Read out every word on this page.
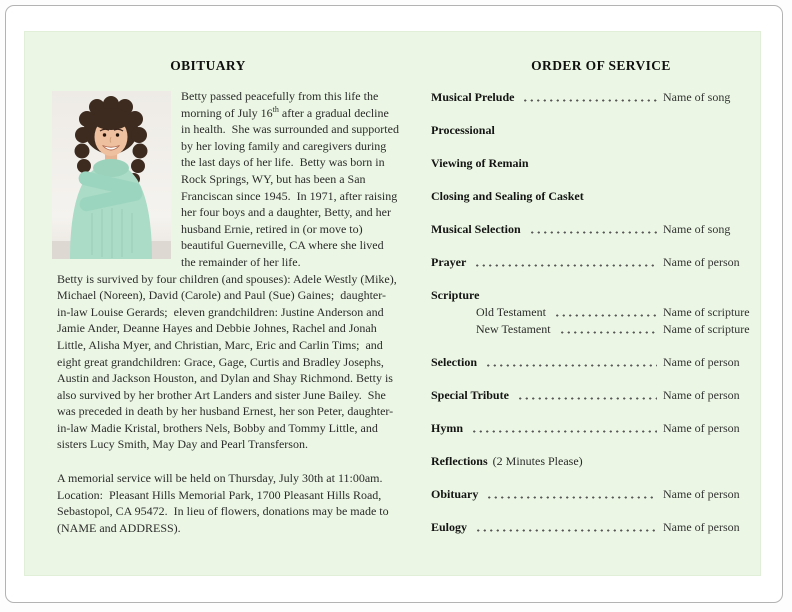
OBITUARY

Betty passed peacefully from this life the morning of July 16th after a gradual decline in health.  She was surrounded and supported by her loving family and caregivers during the last days of her life.  Betty was born in Rock Springs, WY, but has been a San Franciscan since 1945.  In 1971, after raising her four boys and a daughter, Betty, and her husband Ernie, retired in (or move to) beautiful Guerneville, CA where she lived the remainder of her life.

Betty is survived by four children (and spouses): Adele Westly (Mike), Michael (Noreen), David (Carole) and Paul (Sue) Gaines;  daughter-in-law Louise Gerards;  eleven grandchildren: Justine Anderson and Jamie Ander, Deanne Hayes and Debbie Johnes, Rachel and Jonah Little, Alisha Myer, and Christian, Marc, Eric and Carlin Tims;  and eight great grandchildren: Grace, Gage, Curtis and Bradley Josephs, Austin and Jackson Houston, and Dylan and Shay Richmond. Betty is also survived by her brother Art Landers and sister June Bailey.  She was preceded in death by her husband Ernest, her son Peter, daughter-in-law Madie Kristal, brothers Nels, Bobby and Tommy Little, and sisters Lucy Smith, May Day and Pearl Transferson.

A memorial service will be held on Thursday, July 30th at 11:00am.  Location:  Pleasant Hills Memorial Park, 1700 Pleasant Hills Road, Sebastopol, CA 95472.  In lieu of flowers, donations may be made to (NAME and ADDRESS).

ORDER OF SERVICE
Musical Prelude	Name of song
Processional
Viewing of Remain
Closing and Sealing of Casket
Musical Selection	Name of song
Prayer	Name of person
Scripture
Old Testament	Name of scripture
New Testament	Name of scripture
Selection	Name of person
Special Tribute	Name of person
Hymn	Name of person
Reflections (2 Minutes Please)
Obituary	Name of person
Eulogy	Name of person
